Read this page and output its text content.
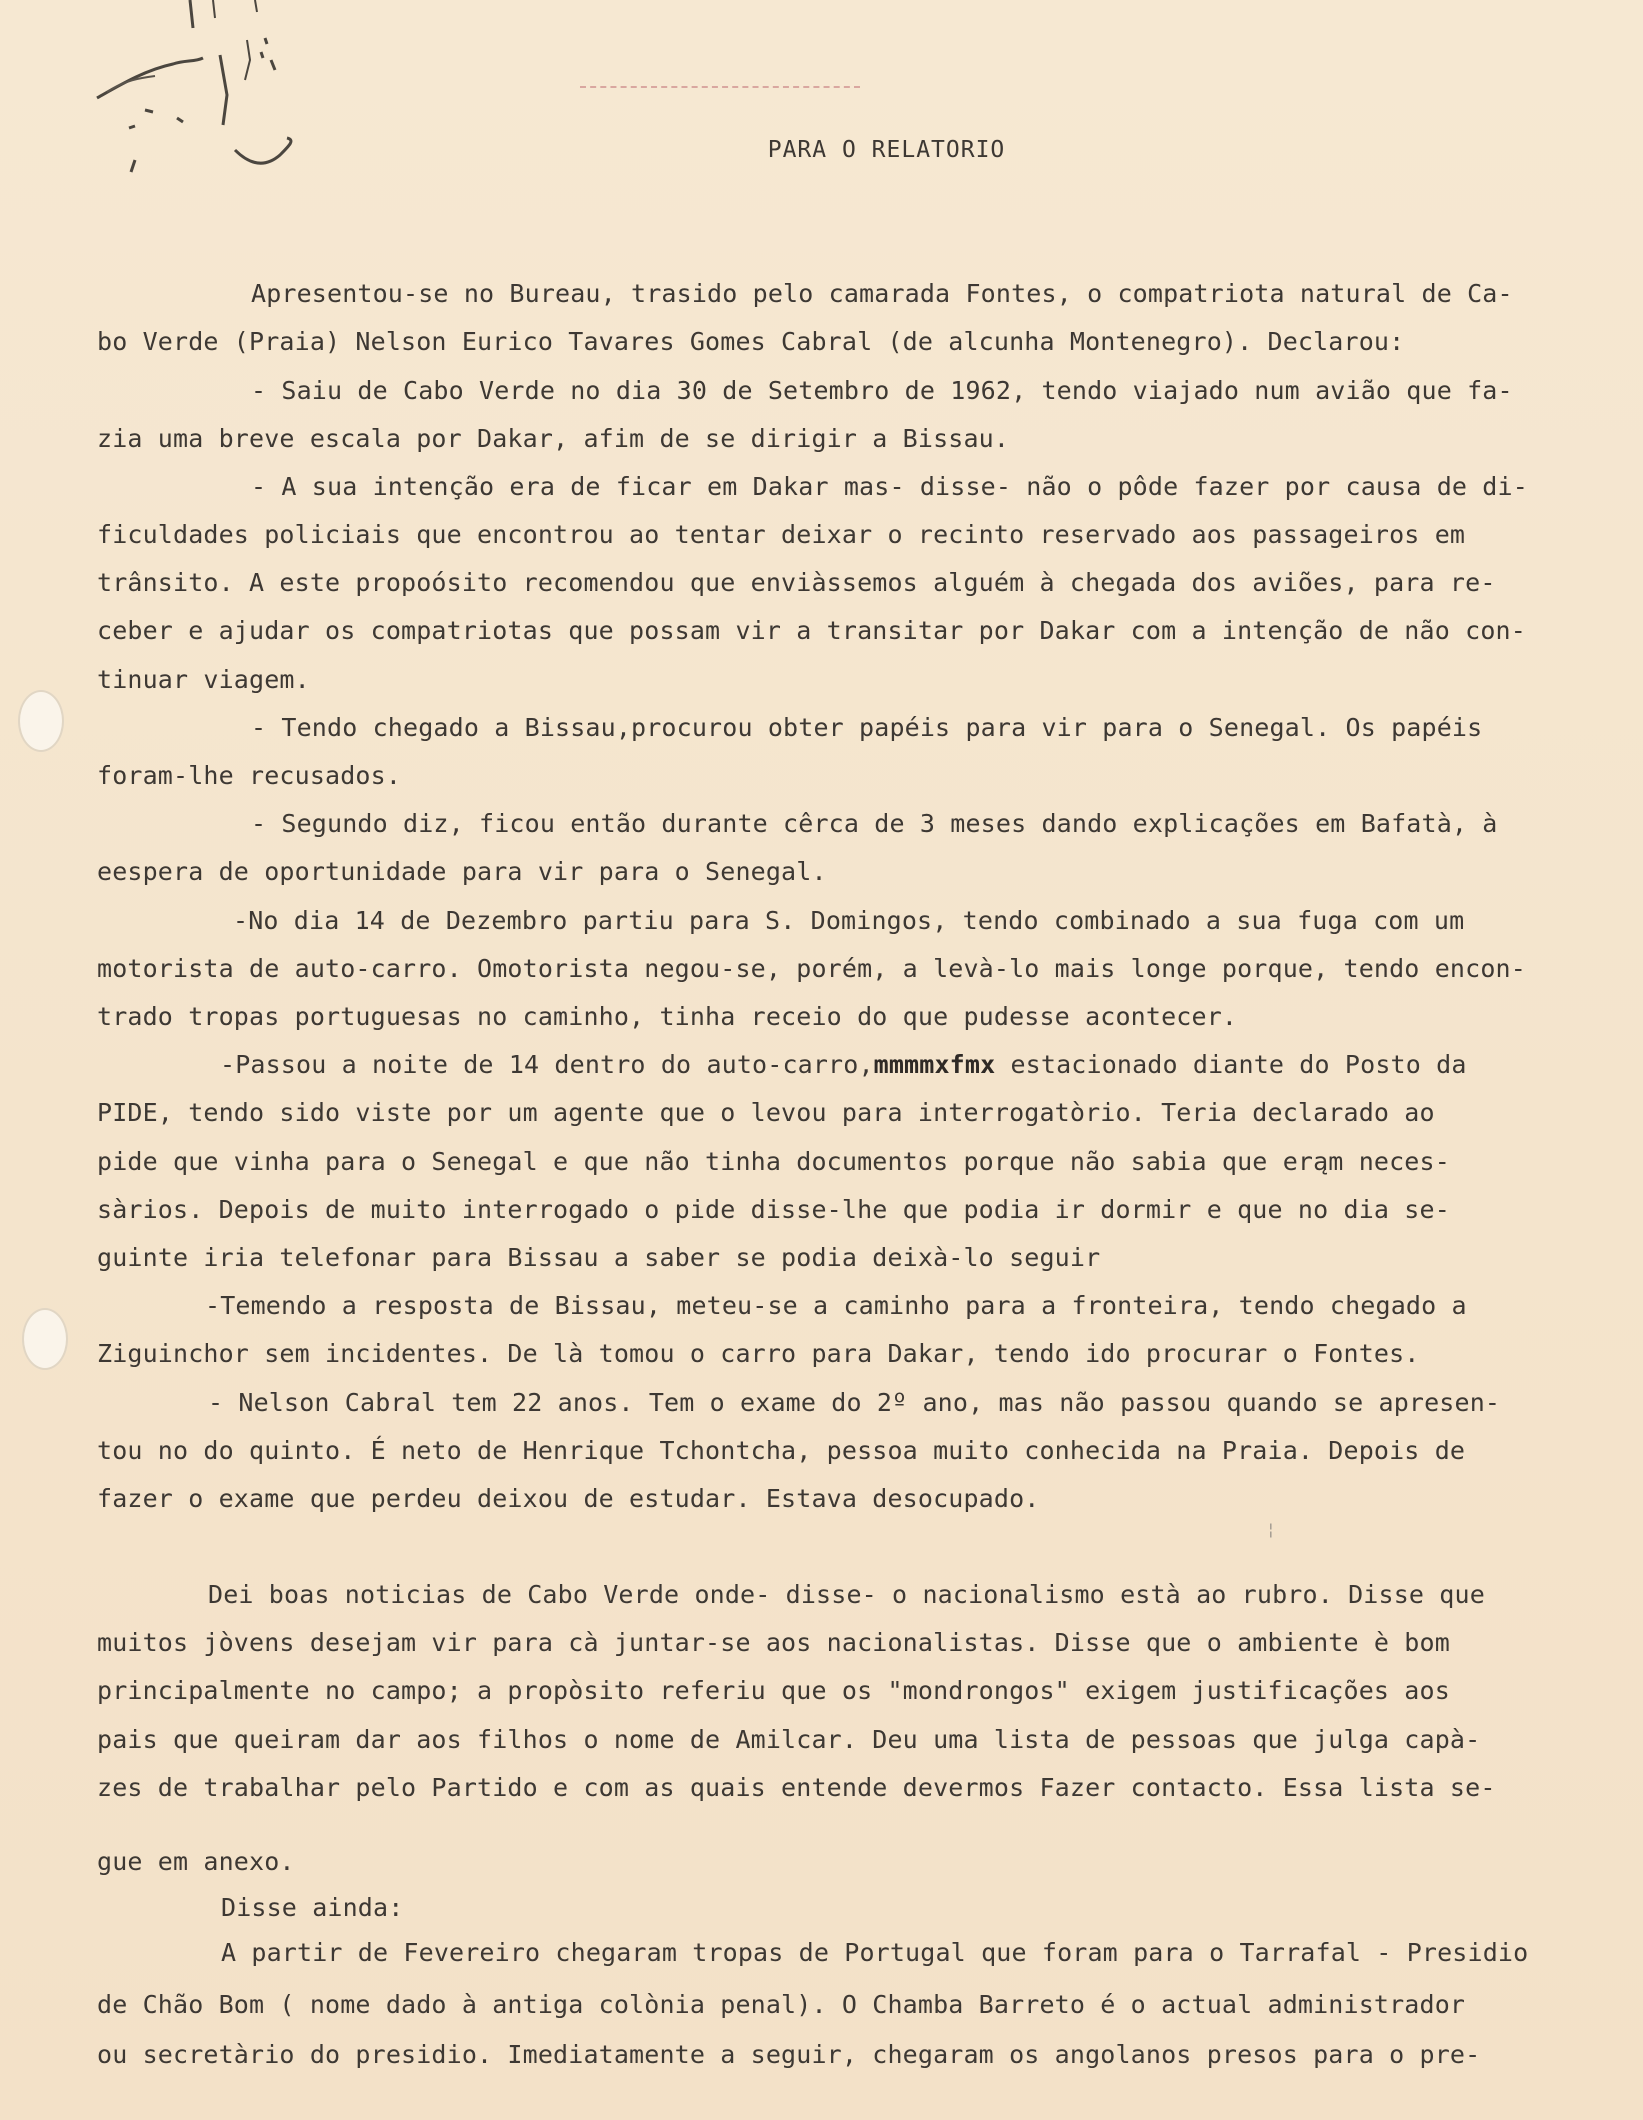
PARA O RELATORIO
Apresentou-se no Bureau, trasido pelo camarada Fontes, o compatriota natural de Ca-
bo Verde (Praia) Nelson Eurico Tavares Gomes Cabral (de alcunha Montenegro). Declarou:
- Saiu de Cabo Verde no dia 30 de Setembro de 1962, tendo viajado num avião que fa-
zia uma breve escala por Dakar, afim de se dirigir a Bissau.
- A sua intenção era de ficar em Dakar mas- disse- não o pôde fazer por causa de di-
ficuldades policiais que encontrou ao tentar deixar o recinto reservado aos passageiros em
trânsito. A este propoósito recomendou que enviàssemos alguém à chegada dos aviões, para re-
ceber e ajudar os compatriotas que possam vir a transitar por Dakar com a intenção de não con-
tinuar viagem.
- Tendo chegado a Bissau,procurou obter papéis para vir para o Senegal. Os papéis
foram-lhe recusados.
- Segundo diz, ficou então durante cêrca de 3 meses dando explicações em Bafatà, à
eespera de oportunidade para vir para o Senegal.
-No dia 14 de Dezembro partiu para S. Domingos, tendo combinado a sua fuga com um
motorista de auto-carro. Omotorista negou-se, porém, a levà-lo mais longe porque, tendo encon-
trado tropas portuguesas no caminho, tinha receio do que pudesse acontecer.
-Passou a noite de 14 dentro do auto-carro,mmmmxfmx estacionado diante do Posto da
PIDE, tendo sido viste por um agente que o levou para interrogatòrio. Teria declarado ao
pide que vinha para o Senegal e que não tinha documentos porque não sabia que erąm neces-
sàrios. Depois de muito interrogado o pide disse-lhe que podia ir dormir e que no dia se-
guinte iria telefonar para Bissau a saber se podia deixà-lo seguir
-Temendo a resposta de Bissau, meteu-se a caminho para a fronteira, tendo chegado a
Ziguinchor sem incidentes. De là tomou o carro para Dakar, tendo ido procurar o Fontes.
- Nelson Cabral tem 22 anos. Tem o exame do 2º ano, mas não passou quando se apresen-
tou no do quinto. É neto de Henrique Tchontcha, pessoa muito conhecida na Praia. Depois de
fazer o exame que perdeu deixou de estudar. Estava desocupado.
¦
Dei boas noticias de Cabo Verde onde- disse- o nacionalismo està ao rubro. Disse que
muitos jòvens desejam vir para cà juntar-se aos nacionalistas. Disse que o ambiente è bom
principalmente no campo; a propòsito referiu que os "mondrongos" exigem justificações aos
pais que queiram dar aos filhos o nome de Amilcar. Deu uma lista de pessoas que julga capà-
zes de trabalhar pelo Partido e com as quais entende devermos Fazer contacto. Essa lista se-
gue em anexo.
Disse ainda:
A partir de Fevereiro chegaram tropas de Portugal que foram para o Tarrafal - Presidio
de Chão Bom ( nome dado à antiga colònia penal). O Chamba Barreto é o actual administrador
ou secretàrio do presidio. Imediatamente a seguir, chegaram os angolanos presos para o pre-
